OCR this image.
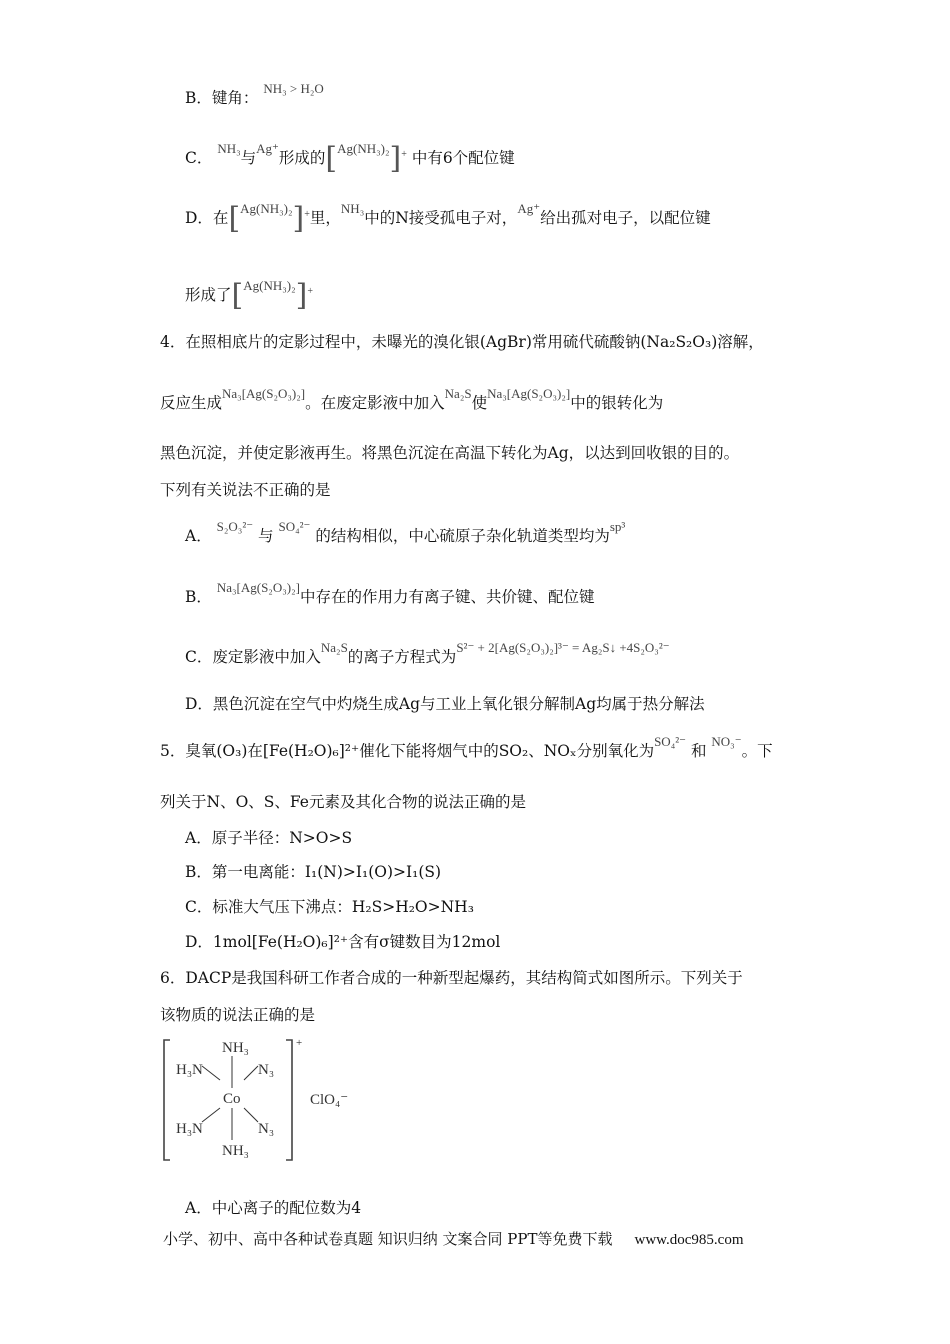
B．键角： $^{NH_3 > H_2O}$
C． $^{NH_3}$与$^{Ag^+}$形成的[$^{Ag(NH_3)_2}$]+ 中有6个配位键
D．在[$^{Ag(NH_3)_2}$]+里，$^{NH_3}$中的N接受孤电子对，$^{Ag^+}$给出孤对电子，以配位键
形成了[$^{Ag(NH_3)_2}$]+
4．在照相底片的定影过程中，未曝光的溴化银(AgBr)常用硫代硫酸钠(Na₂S₂O₃)溶解，
反应生成$^{Na_3[Ag(S_2O_3)_2]}$。在废定影液中加入$^{Na_2S}$使$^{Na_3[Ag(S_2O_3)_2]}$中的银转化为
黑色沉淀，并使定影液再生。将黑色沉淀在高温下转化为Ag，以达到回收银的目的。
下列有关说法不正确的是
A． $^{S_2O_3^{2-}}$ 与 $^{SO_4^{2-}}$ 的结构相似，中心硫原子杂化轨道类型均为$^{sp^3}$
B． $^{Na_3[Ag(S_2O_3)_2]}$中存在的作用力有离子键、共价键、配位键
C．废定影液中加入$^{Na_2S}$的离子方程式为$^{S^{2-} + 2[Ag(S_2O_3)_2]^{3-} = Ag_2S↓ +4S_2O_3^{2-}}$
D．黑色沉淀在空气中灼烧生成Ag与工业上氧化银分解制Ag均属于热分解法
5．臭氧(O₃)在[Fe(H₂O)₆]²⁺催化下能将烟气中的SO₂、NOₓ分别氧化为$^{SO_4^{2-}}$ 和 $^{NO_3^-}$。下
列关于N、O、S、Fe元素及其化合物的说法正确的是
A．原子半径：N>O>S
B．第一电离能：I₁(N)>I₁(O)>I₁(S)
C．标准大气压下沸点：H₂S>H₂O>NH₃
D．1mol[Fe(H₂O)₆]²⁺含有σ键数目为12mol
6．DACP是我国科研工作者合成的一种新型起爆药，其结构简式如图所示。下列关于
该物质的说法正确的是
NH₃
NH₃
Co
H₃N
H₃N
N₃
N₃
+
ClO₄⁻
A．中心离子的配位数为4
小学、初中、高中各种试卷真题 知识归纳 文案合同 PPT等免费下载 www.doc985.com
